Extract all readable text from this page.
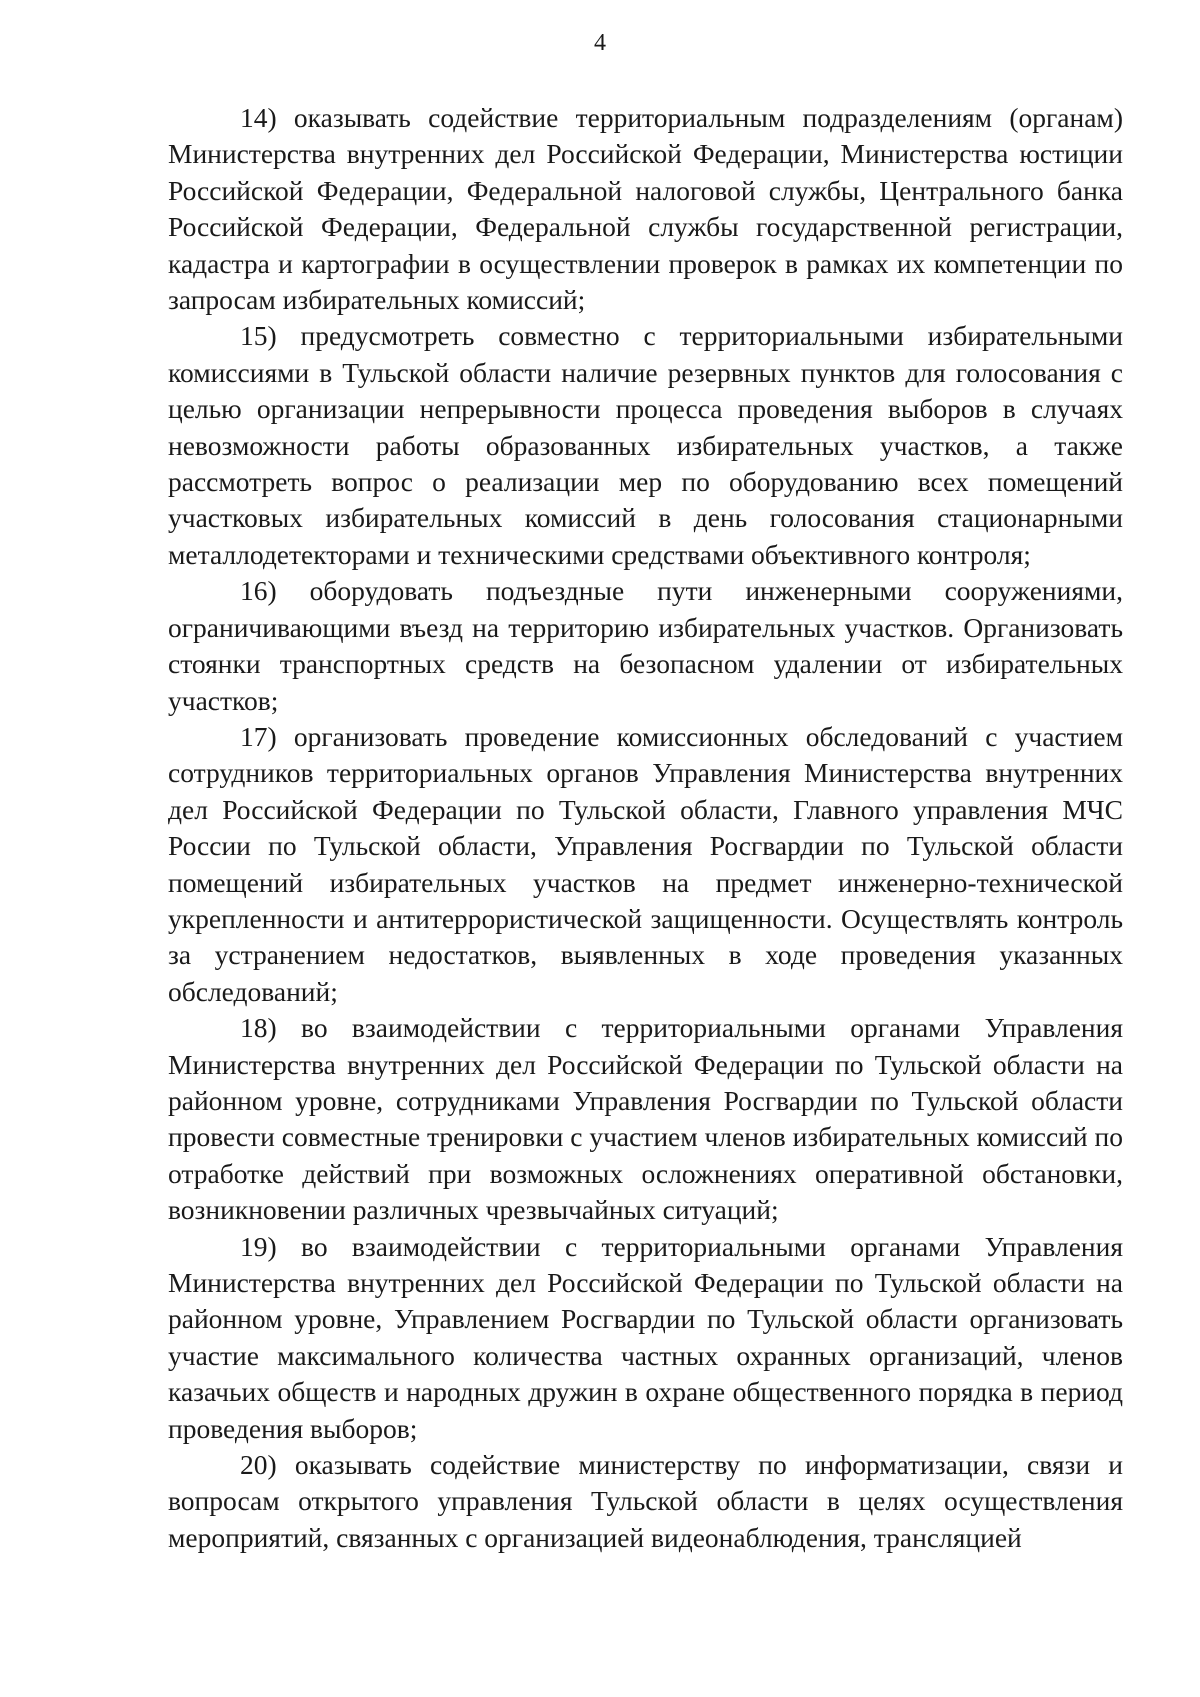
4

14) оказывать содействие территориальным подразделениям (органам) Министерства внутренних дел Российской Федерации, Министерства юстиции Российской Федерации, Федеральной налоговой службы, Центрального банка Российской Федерации, Федеральной службы государственной регистрации, кадастра и картографии в осуществлении проверок в рамках их компетенции по запросам избирательных комиссий;

15) предусмотреть совместно с территориальными избирательными комиссиями в Тульской области наличие резервных пунктов для голосования с целью организации непрерывности процесса проведения выборов в случаях невозможности работы образованных избирательных участков, а также рассмотреть вопрос о реализации мер по оборудованию всех помещений участковых избирательных комиссий в день голосования стационарными металлодетекторами и техническими средствами объективного контроля;

16) оборудовать подъездные пути инженерными сооружениями, ограничивающими въезд на территорию избирательных участков. Организовать стоянки транспортных средств на безопасном удалении от избирательных участков;

17) организовать проведение комиссионных обследований с участием сотрудников территориальных органов Управления Министерства внутренних дел Российской Федерации по Тульской области, Главного управления МЧС России по Тульской области, Управления Росгвардии по Тульской области помещений избирательных участков на предмет инженерно-технической укрепленности и антитеррористической защищенности. Осуществлять контроль за устранением недостатков, выявленных в ходе проведения указанных обследований;

18) во взаимодействии с территориальными органами Управления Министерства внутренних дел Российской Федерации по Тульской области на районном уровне, сотрудниками Управления Росгвардии по Тульской области провести совместные тренировки с участием членов избирательных комиссий по отработке действий при возможных осложнениях оперативной обстановки, возникновении различных чрезвычайных ситуаций;

19) во взаимодействии с территориальными органами Управления Министерства внутренних дел Российской Федерации по Тульской области на районном уровне, Управлением Росгвардии по Тульской области организовать участие максимального количества частных охранных организаций, членов казачьих обществ и народных дружин в охране общественного порядка в период проведения выборов;

20) оказывать содействие министерству по информатизации, связи и вопросам открытого управления Тульской области в целях осуществления мероприятий, связанных с организацией видеонаблюдения, трансляцией
